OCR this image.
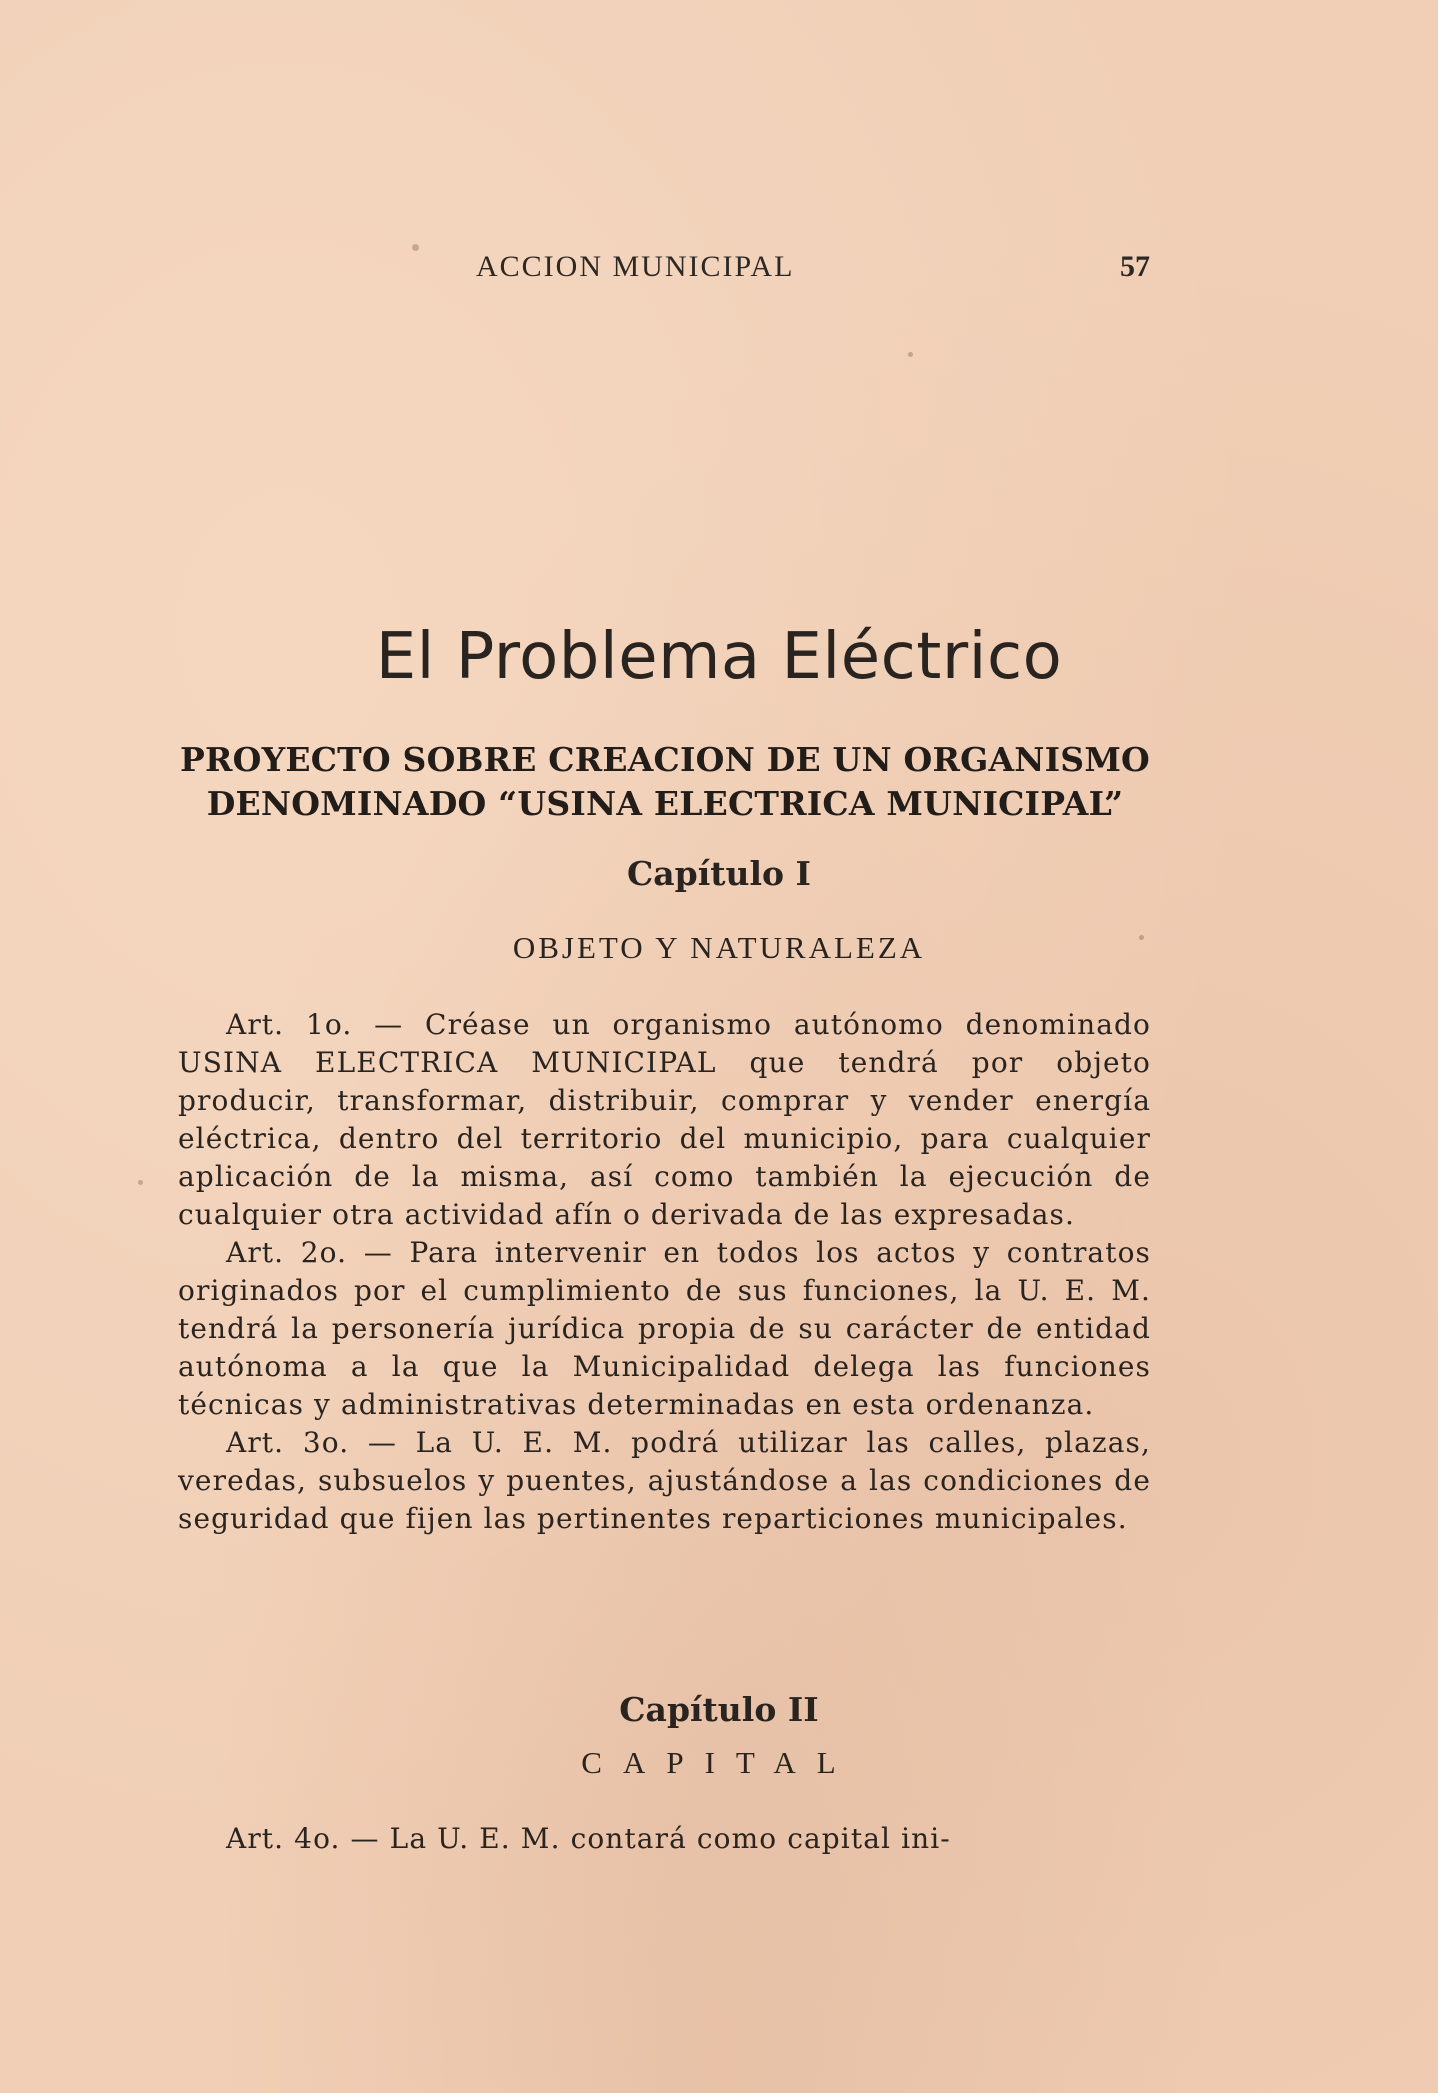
ACCION MUNICIPAL	57
El Problema Eléctrico
PROYECTO SOBRE CREACION DE UN ORGANISMO
DENOMINADO “USINA ELECTRICA MUNICIPAL”
Capítulo I
OBJETO Y NATURALEZA

Art. 1o. — Créase un organismo autónomo denominado USINA ELECTRICA MUNICIPAL que tendrá por objeto producir, transformar, distribuir, comprar y vender energía eléctrica, dentro del territorio del municipio, para cualquier aplicación de la misma, así como también la ejecución de cualquier otra actividad afín o derivada de las expresadas.

Art. 2o. — Para intervenir en todos los actos y contratos originados por el cumplimiento de sus funciones, la U. E. M. tendrá la personería jurídica propia de su carácter de entidad autónoma a la que la Municipalidad delega las funciones técnicas y administrativas determinadas en esta ordenanza.

Art. 3o. — La U. E. M. podrá utilizar las calles, plazas, veredas, subsuelos y puentes, ajustándose a las condiciones de seguridad que fijen las pertinentes reparticiones municipales.

Capítulo II
CAPITAL

Art. 4o. — La U. E. M. contará como capital ini-
